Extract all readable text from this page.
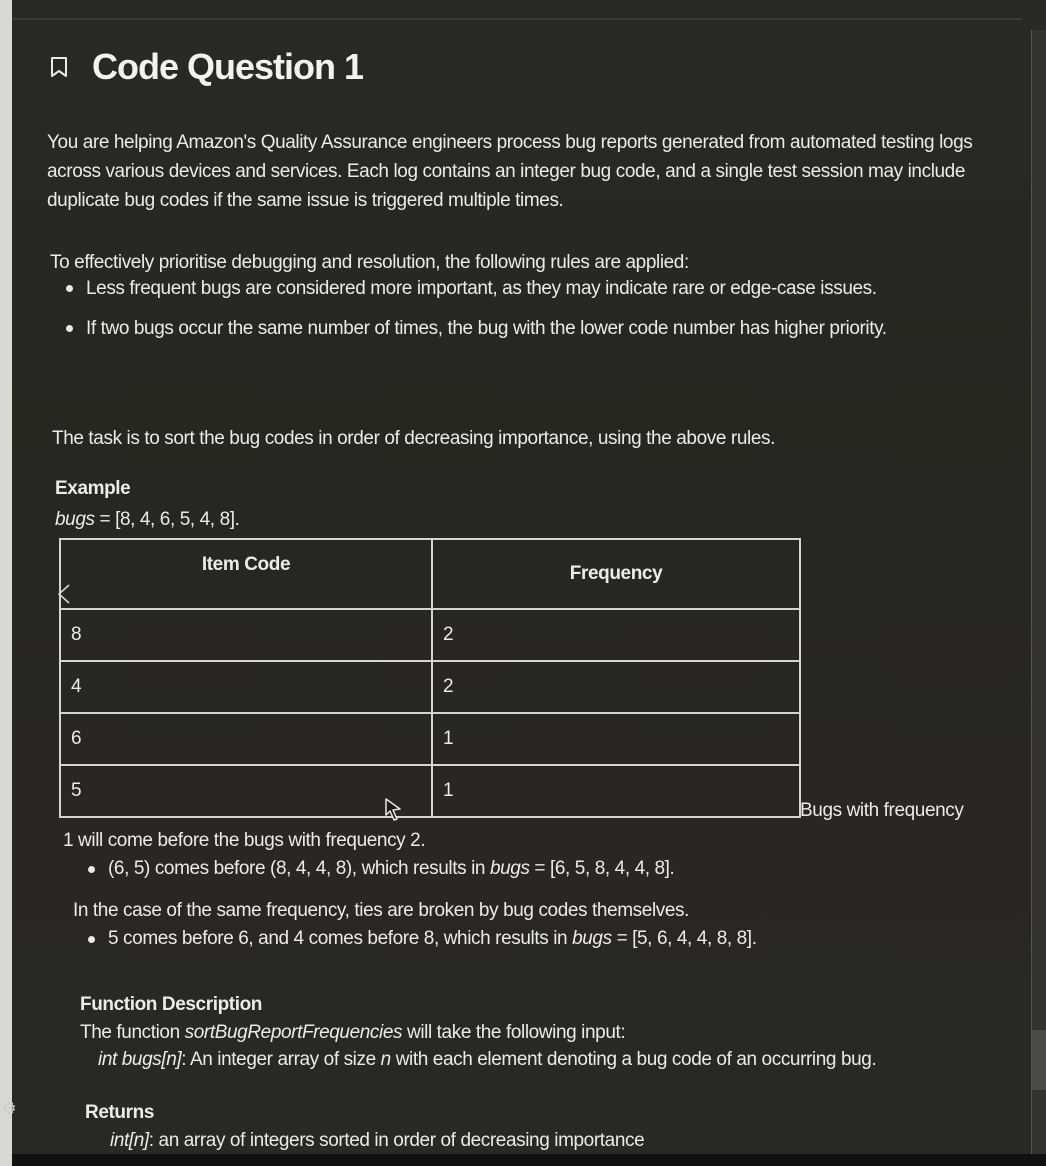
⚙
Code Question 1
You are helping Amazon's Quality Assurance engineers process bug reports generated from automated testing logs across various devices and services. Each log contains an integer bug code, and a single test session may include duplicate bug codes if the same issue is triggered multiple times.
To effectively prioritise debugging and resolution, the following rules are applied:
Less frequent bugs are considered more important, as they may indicate rare or edge-case issues.
If two bugs occur the same number of times, the bug with the lower code number has higher priority.
The task is to sort the bug codes in order of decreasing importance, using the above rules.
Example
bugs = [8, 4, 6, 5, 4, 8].
Item Code	Frequency
8	2
4	2
6	1
5	1
Bugs with frequency
1 will come before the bugs with frequency 2.
(6, 5) comes before (8, 4, 4, 8), which results in bugs = [6, 5, 8, 4, 4, 8].
In the case of the same frequency, ties are broken by bug codes themselves.
5 comes before 6, and 4 comes before 8, which results in bugs = [5, 6, 4, 4, 8, 8].
Function Description
The function sortBugReportFrequencies will take the following input:
int bugs[n]: An integer array of size n with each element denoting a bug code of an occurring bug.
Returns
int[n]: an array of integers sorted in order of decreasing importance
